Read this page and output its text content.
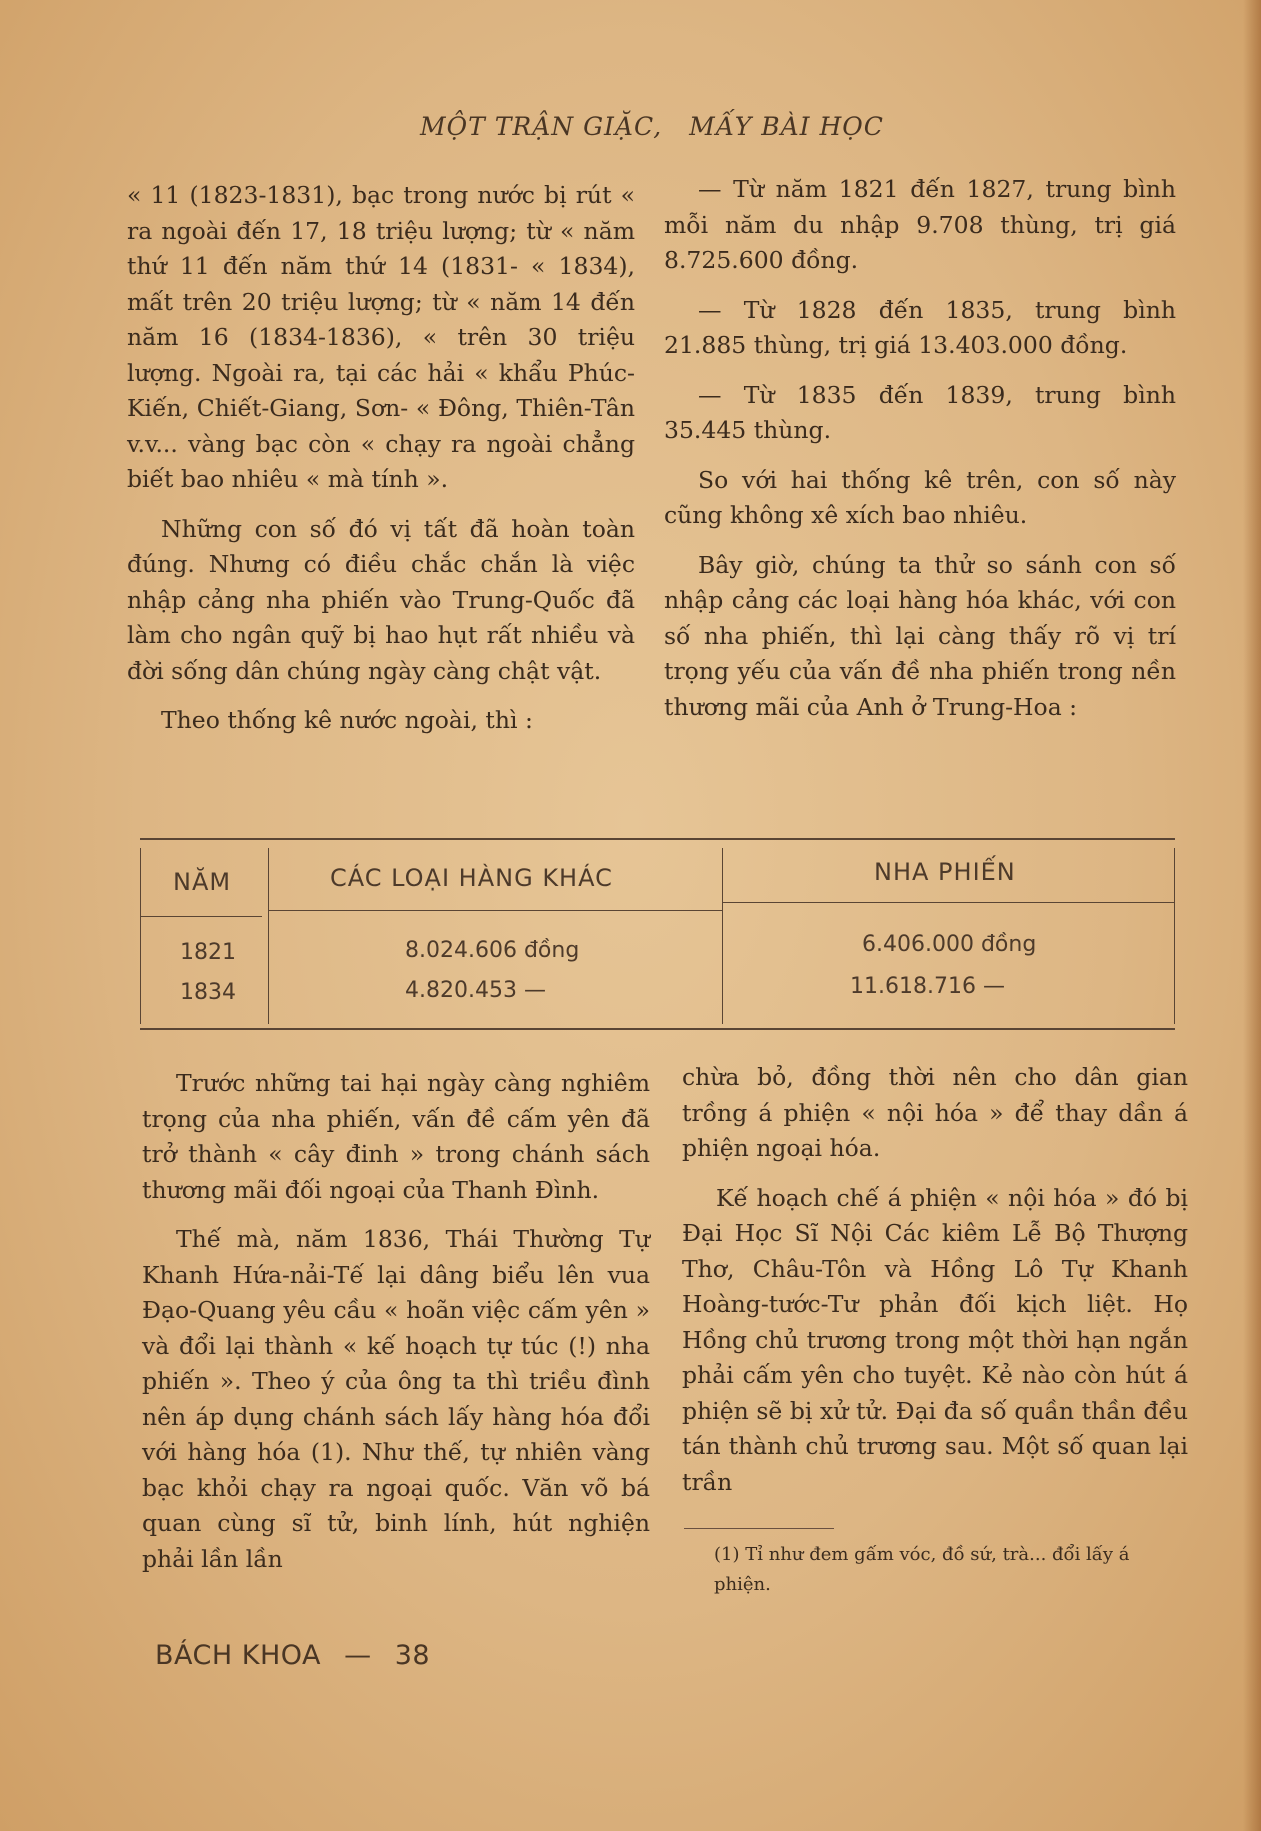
MỘT TRẬN GIẶC, MẤY BÀI HỌC

« 11 (1823-1831), bạc trong nước bị rút « ra ngoài đến 17, 18 triệu lượng; từ « năm thứ 11 đến năm thứ 14 (1831- « 1834), mất trên 20 triệu lượng; từ « năm 14 đến năm 16 (1834-1836), « trên 30 triệu lượng. Ngoài ra, tại các hải « khẩu Phúc-Kiến, Chiết-Giang, Sơn- « Đông, Thiên-Tân v.v... vàng bạc còn « chạy ra ngoài chẳng biết bao nhiêu « mà tính ».

Những con số đó vị tất đã hoàn toàn đúng. Nhưng có điều chắc chắn là việc nhập cảng nha phiến vào Trung-Quốc đã làm cho ngân quỹ bị hao hụt rất nhiều và đời sống dân chúng ngày càng chật vật.

Theo thống kê nước ngoài, thì :

— Từ năm 1821 đến 1827, trung bình mỗi năm du nhập 9.708 thùng, trị giá 8.725.600 đồng.

— Từ 1828 đến 1835, trung bình 21.885 thùng, trị giá 13.403.000 đồng.

— Từ 1835 đến 1839, trung bình 35.445 thùng.

So với hai thống kê trên, con số này cũng không xê xích bao nhiêu.

Bây giờ, chúng ta thử so sánh con số nhập cảng các loại hàng hóa khác, với con số nha phiến, thì lại càng thấy rõ vị trí trọng yếu của vấn đề nha phiến trong nền thương mãi của Anh ở Trung-Hoa :

NĂM	CÁC LOẠI HÀNG KHÁC	NHA PHIẾN
1821	8.024.606 đồng	6.406.000 đồng
1834	4.820.453 —	11.618.716 —

Trước những tai hại ngày càng nghiêm trọng của nha phiến, vấn đề cấm yên đã trở thành « cây đinh » trong chánh sách thương mãi đối ngoại của Thanh Đình.

Thế mà, năm 1836, Thái Thường Tự Khanh Hứa-nải-Tế lại dâng biểu lên vua Đạo-Quang yêu cầu « hoãn việc cấm yên » và đổi lại thành « kế hoạch tự túc (!) nha phiến ». Theo ý của ông ta thì triều đình nên áp dụng chánh sách lấy hàng hóa đổi với hàng hóa (1). Như thế, tự nhiên vàng bạc khỏi chạy ra ngoại quốc. Văn võ bá quan cùng sĩ tử, binh lính, hút nghiện phải lần lần

chừa bỏ, đồng thời nên cho dân gian trồng á phiện « nội hóa » để thay dần á phiện ngoại hóa.

Kế hoạch chế á phiện « nội hóa » đó bị Đại Học Sĩ Nội Các kiêm Lễ Bộ Thượng Thơ, Châu-Tôn và Hồng Lô Tự Khanh Hoàng-tước-Tư phản đối kịch liệt. Họ Hồng chủ trương trong một thời hạn ngắn phải cấm yên cho tuyệt. Kẻ nào còn hút á phiện sẽ bị xử tử. Đại đa số quần thần đều tán thành chủ trương sau. Một số quan lại trần

(1) Tỉ như đem gấm vóc, đồ sứ, trà... đổi lấy á phiện.
BÁCH KHOA — 38
